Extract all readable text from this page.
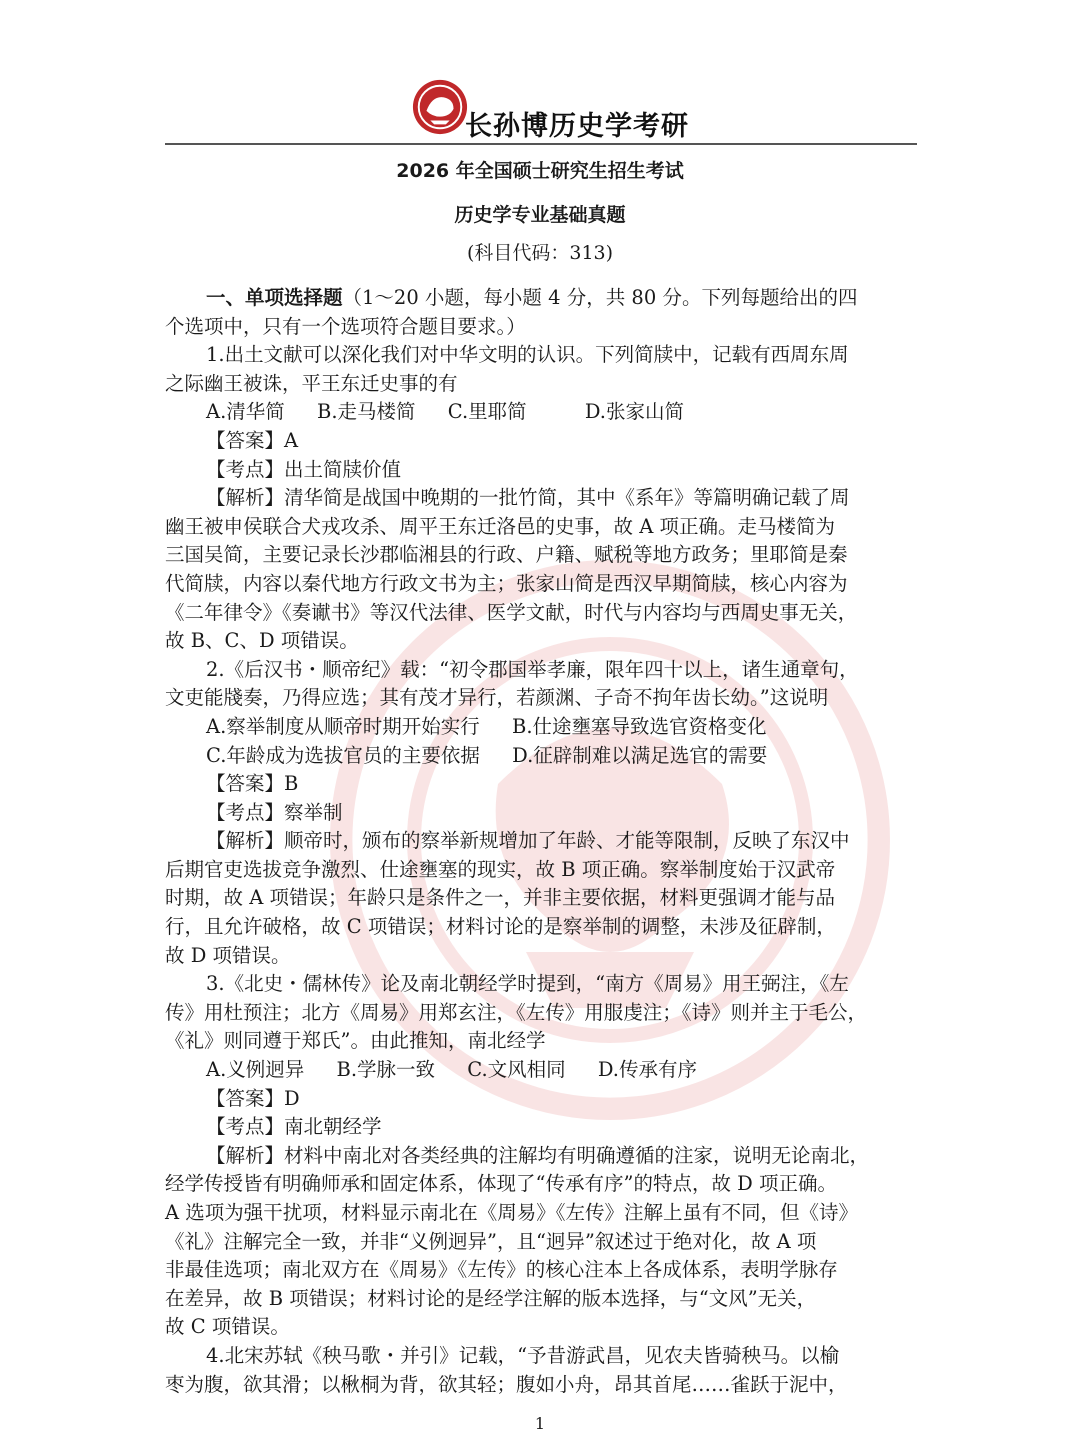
长孙博历史学考研
2026 年全国硕士研究生招生考试
历史学专业基础真题
(科目代码：313)
一、单项选择题（1～20 小题，每小题 4 分，共 80 分。下列每题给出的四
个选项中，只有一个选项符合题目要求。）
1.出土文献可以深化我们对中华文明的认识。下列简牍中，记载有西周东周
之际幽王被诛，平王东迁史事的有
A.清华简 B.走马楼简 C.里耶简	D.张家山简
【答案】A
【考点】出土简牍价值
【解析】清华简是战国中晚期的一批竹简，其中《系年》等篇明确记载了周
幽王被申侯联合犬戎攻杀、周平王东迁洛邑的史事，故 A 项正确。走马楼简为
三国吴简，主要记录长沙郡临湘县的行政、户籍、赋税等地方政务；里耶简是秦
代简牍，内容以秦代地方行政文书为主；张家山简是西汉早期简牍，核心内容为
《二年律令》《奏谳书》等汉代法律、医学文献，时代与内容均与西周史事无关，
故 B、C、D 项错误。
2.《后汉书・顺帝纪》载：“初令郡国举孝廉，限年四十以上，诸生通章句，
文吏能牋奏，乃得应选；其有茂才异行，若颜渊、子奇不拘年齿长幼。”这说明
A.察举制度从顺帝时期开始实行 B.仕途壅塞导致选官资格变化
C.年龄成为选拔官员的主要依据 D.征辟制难以满足选官的需要
【答案】B
【考点】察举制
【解析】顺帝时，颁布的察举新规增加了年龄、才能等限制，反映了东汉中
后期官吏选拔竞争激烈、仕途壅塞的现实，故 B 项正确。察举制度始于汉武帝
时期，故 A 项错误；年龄只是条件之一，并非主要依据，材料更强调才能与品
行，且允许破格，故 C 项错误；材料讨论的是察举制的调整，未涉及征辟制，
故 D 项错误。
3.《北史・儒林传》论及南北朝经学时提到，“南方《周易》用王弼注，《左
传》用杜预注；北方《周易》用郑玄注，《左传》用服虔注；《诗》则并主于毛公，
《礼》则同遵于郑氏”。由此推知，南北经学
A.义例迥异 B.学脉一致 C.文风相同 D.传承有序
【答案】D
【考点】南北朝经学
【解析】材料中南北对各类经典的注解均有明确遵循的注家，说明无论南北，
经学传授皆有明确师承和固定体系，体现了“传承有序”的特点，故 D 项正确。
A 选项为强干扰项，材料显示南北在《周易》《左传》注解上虽有不同，但《诗》
《礼》注解完全一致，并非“义例迥异”，且“迥异”叙述过于绝对化，故 A 项
非最佳选项；南北双方在《周易》《左传》的核心注本上各成体系，表明学脉存
在差异，故 B 项错误；材料讨论的是经学注解的版本选择，与“文风”无关，
故 C 项错误。
4.北宋苏轼《秧马歌・并引》记载，“予昔游武昌，见农夫皆骑秧马。以榆
枣为腹，欲其滑；以楸桐为背，欲其轻；腹如小舟，昂其首尾……雀跃于泥中，
1
